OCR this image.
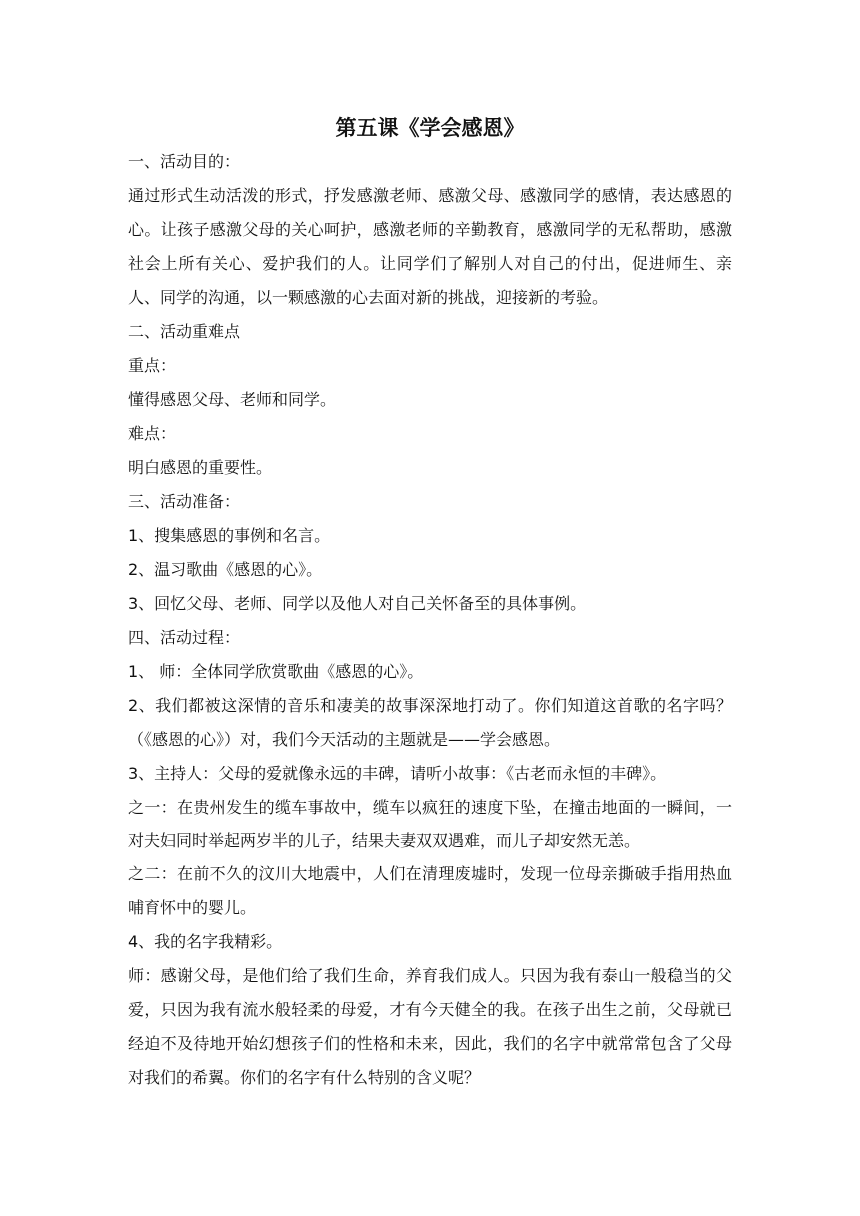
第五课《学会感恩》

一、活动目的：

通过形式生动活泼的形式，抒发感激老师、感激父母、感激同学的感情，表达感恩的心。让孩子感激父母的关心呵护，感激老师的辛勤教育，感激同学的无私帮助，感激社会上所有关心、爱护我们的人。让同学们了解别人对自己的付出，促进师生、亲人、同学的沟通，以一颗感激的心去面对新的挑战，迎接新的考验。

二、活动重难点

重点：

懂得感恩父母、老师和同学。

难点：

明白感恩的重要性。

三、活动准备：

1、搜集感恩的事例和名言。

2、温习歌曲《感恩的心》。

3、回忆父母、老师、同学以及他人对自己关怀备至的具体事例。

四、活动过程：

1、 师：全体同学欣赏歌曲《感恩的心》。

2、我们都被这深情的音乐和凄美的故事深深地打动了。你们知道这首歌的名字吗？（《感恩的心》）对，我们今天活动的主题就是——学会感恩。

3、主持人：父母的爱就像永远的丰碑，请听小故事：《古老而永恒的丰碑》。

之一：在贵州发生的缆车事故中，缆车以疯狂的速度下坠，在撞击地面的一瞬间，一对夫妇同时举起两岁半的儿子，结果夫妻双双遇难，而儿子却安然无恙。

之二：在前不久的汶川大地震中，人们在清理废墟时，发现一位母亲撕破手指用热血哺育怀中的婴儿。

4、我的名字我精彩。

师：感谢父母，是他们给了我们生命，养育我们成人。只因为我有泰山一般稳当的父爱，只因为我有流水般轻柔的母爱，才有今天健全的我。在孩子出生之前，父母就已经迫不及待地开始幻想孩子们的性格和未来，因此，我们的名字中就常常包含了父母对我们的希翼。你们的名字有什么特别的含义呢？
